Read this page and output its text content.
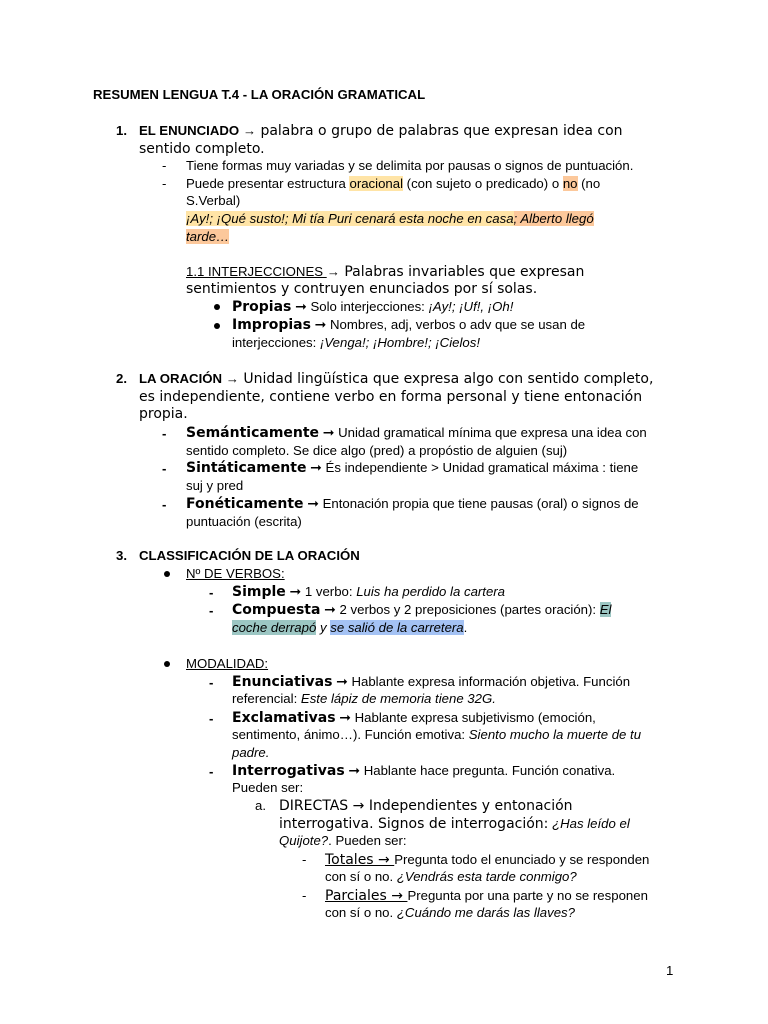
RESUMEN LENGUA T.4 - LA ORACIÓN GRAMATICAL
1. EL ENUNCIADO → palabra o grupo de palabras que expresan idea con
sentido completo.
- Tiene formas muy variadas y se delimita por pausas o signos de puntuación.
- Puede presentar estructura oracional (con sujeto o predicado) o no (no
S.Verbal)
¡Ay!; ¡Qué susto!; Mi tía Puri cenará esta noche en casa; Alberto llegó
tarde…
1.1 INTERJECCIONES → Palabras invariables que expresan
sentimientos y contruyen enunciados por sí solas.
Propias ➞ Solo interjecciones: ¡Ay!; ¡Uf!, ¡Oh!
Impropias ➞ Nombres, adj, verbos o adv que se usan de
interjecciones: ¡Venga!; ¡Hombre!; ¡Cielos!
2. LA ORACIÓN → Unidad lingüística que expresa algo con sentido completo,
es independiente, contiene verbo en forma personal y tiene entonación
propia.
- Semánticamente ➞ Unidad gramatical mínima que expresa una idea con
sentido completo. Se dice algo (pred) a propóstio de alguien (suj)
- Sintáticamente ➞ És independiente > Unidad gramatical máxima : tiene
suj y pred
- Fonéticamente ➞ Entonación propia que tiene pausas (oral) o signos de
puntuación (escrita)
3. CLASSIFICACIÓN DE LA ORACIÓN
Nº DE VERBOS:
- Simple ➞ 1 verbo: Luis ha perdido la cartera
- Compuesta ➞ 2 verbos y 2 preposiciones (partes oración): El
coche derrapó y se salió de la carretera.
MODALIDAD:
- Enunciativas ➞ Hablante expresa información objetiva. Función
referencial: Este lápiz de memoria tiene 32G.
- Exclamativas ➞ Hablante expresa subjetivismo (emoción,
sentimento, ánimo…). Función emotiva: Siento mucho la muerte de tu
padre.
- Interrogativas ➞ Hablante hace pregunta. Función conativa.
Pueden ser:
a. DIRECTAS → Independientes y entonación
interrogativa. Signos de interrogación: ¿Has leído el
Quijote?. Pueden ser:
- Totales → Pregunta todo el enunciado y se responden
con sí o no. ¿Vendrás esta tarde conmigo?
- Parciales → Pregunta por una parte y no se responen
con sí o no. ¿Cuándo me darás las llaves?
1
